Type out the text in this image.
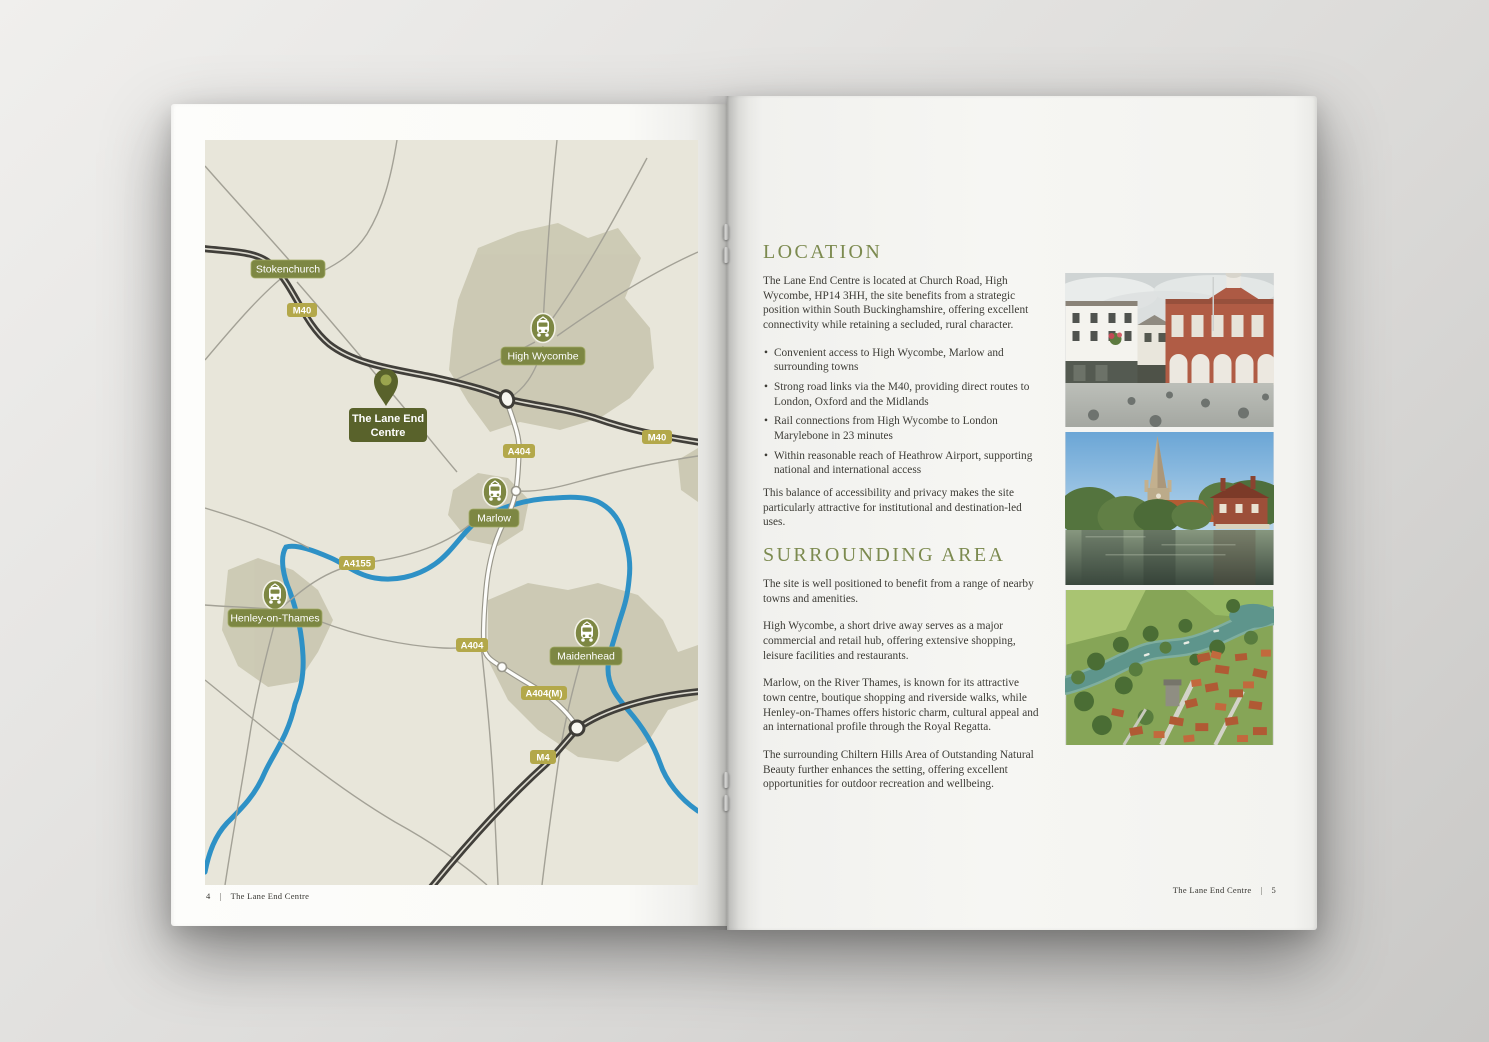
M40
A404
M40
A4155
A404
A404(M)
M4
Stokenchurch
High Wycombe
Marlow
Henley-on-Thames
Maidenhead
The Lane End
Centre
4 | The Lane End Centre
LOCATION

The Lane End Centre is located at Church Road, High Wycombe, HP14 3HH, the site benefits from a strategic position within South Buckinghamshire, offering excellent connectivity while retaining a secluded, rural character.

• Convenient access to High Wycombe, Marlow and surrounding towns
• Strong road links via the M40, providing direct routes to London, Oxford and the Midlands
• Rail connections from High Wycombe to London Marylebone in 23 minutes
• Within reasonable reach of Heathrow Airport, supporting national and international access

This balance of accessibility and privacy makes the site particularly attractive for institutional and destination-led uses.

SURROUNDING AREA

The site is well positioned to benefit from a range of nearby towns and amenities.

High Wycombe, a short drive away serves as a major commercial and retail hub, offering extensive shopping, leisure facilities and restaurants.

Marlow, on the River Thames, is known for its attractive town centre, boutique shopping and riverside walks, while Henley-on-Thames offers historic charm, cultural appeal and an international profile through the Royal Regatta.

The surrounding Chiltern Hills Area of Outstanding Natural Beauty further enhances the setting, offering excellent opportunities for outdoor recreation and wellbeing.

The Lane End Centre | 5
